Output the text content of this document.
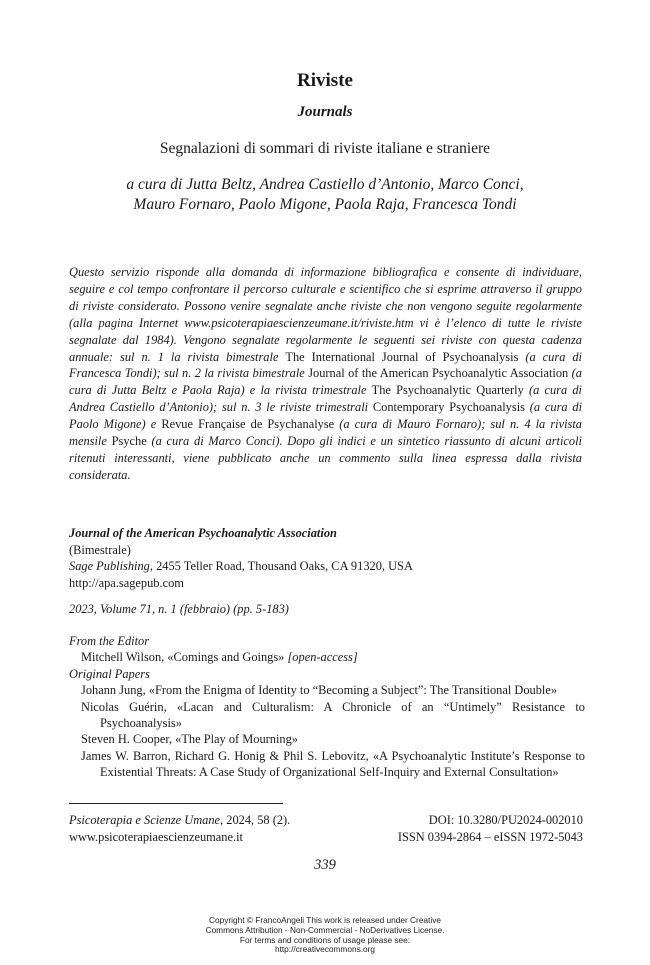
Riviste
Journals
Segnalazioni di sommari di riviste italiane e straniere
a cura di Jutta Beltz, Andrea Castiello d’Antonio, Marco Conci,
Mauro Fornaro, Paolo Migone, Paola Raja, Francesca Tondi
Questo servizio risponde alla domanda di informazione bibliografica e consente di individuare, seguire e col tempo confrontare il percorso culturale e scientifico che si esprime attraverso il gruppo di riviste considerato. Possono venire segnalate anche riviste che non vengono seguite regolarmente (alla pagina Internet www.psicoterapiaescienzeumane.it/riviste.htm vi è l’elenco di tutte le riviste segnalate dal 1984). Vengono segnalate regolarmente le seguenti sei riviste con questa cadenza annuale: sul n. 1 la rivista bimestrale The International Journal of Psychoanalysis (a cura di Francesca Tondi); sul n. 2 la rivista bimestrale Journal of the American Psychoanalytic Association (a cura di Jutta Beltz e Paola Raja) e la rivista trimestrale The Psychoanalytic Quarterly (a cura di Andrea Castiello d’Antonio); sul n. 3 le riviste trimestrali Contemporary Psychoanalysis (a cura di Paolo Migone) e Revue Française de Psychanalyse (a cura di Mauro Fornaro); sul n. 4 la rivista mensile Psyche (a cura di Marco Conci). Dopo gli indici e un sintetico riassunto di alcuni articoli ritenuti interessanti, viene pubblicato anche un commento sulla linea espressa dalla rivista considerata.
Journal of the American Psychoanalytic Association
(Bimestrale)
Sage Publishing, 2455 Teller Road, Thousand Oaks, CA 91320, USA
http://apa.sagepub.com
2023, Volume 71, n. 1 (febbraio) (pp. 5-183)
From the Editor
Mitchell Wilson, «Comings and Goings» [open-access]
Original Papers
Johann Jung, «From the Enigma of Identity to “Becoming a Subject”: The Transitional Double»
Nicolas Guérin, «Lacan and Culturalism: A Chronicle of an “Untimely” Resistance to Psychoanalysis»
Steven H. Cooper, «The Play of Mourning»
James W. Barron, Richard G. Honig & Phil S. Lebovitz, «A Psychoanalytic Institute’s Response to Existential Threats: A Case Study of Organizational Self-Inquiry and External Consultation»
Psicoterapia e Scienze Umane, 2024, 58 (2).
www.psicoterapiaescienzeumane.it
DOI: 10.3280/PU2024-002010
ISSN 0394-2864 – eISSN 1972-5043
339
Copyright © FrancoAngeli This work is released under Creative
Commons Attribution - Non-Commercial - NoDerivatives License.
For terms and conditions of usage please see:
http://creativecommons.org
